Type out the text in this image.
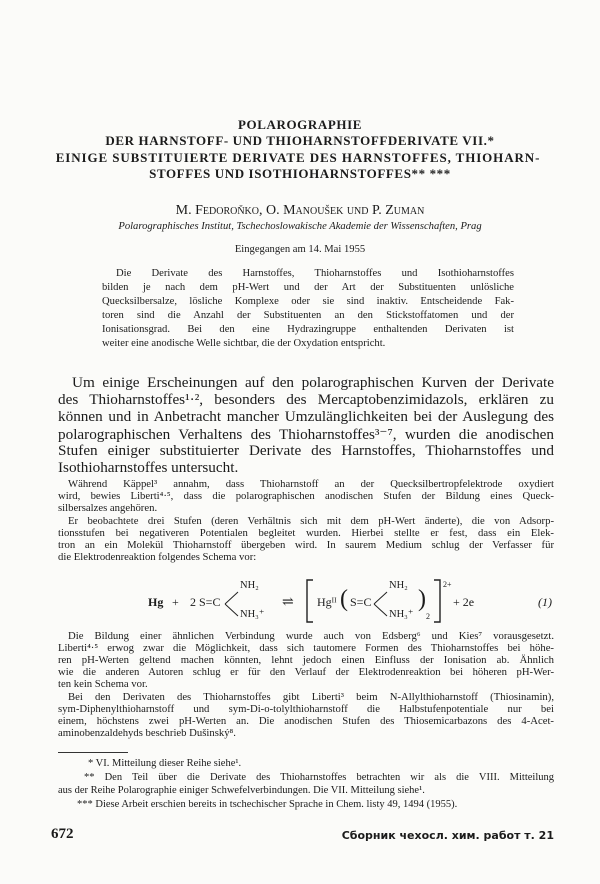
POLAROGRAPHIE
DER HARNSTOFF- UND THIOHARNSTOFFDERIVATE VII.*
EINIGE SUBSTITUIERTE DERIVATE DES HARNSTOFFES, THIOHARN-
STOFFES UND ISOTHIOHARNSTOFFES** ***
M. Fedoroňko, O. Manoušek und P. Zuman
Polarographisches Institut, Tschechoslowakische Akademie der Wissenschaften, Prag
Eingegangen am 14. Mai 1955
Die Derivate des Harnstoffes, Thioharnstoffes und Isothioharnstoffes
bilden je nach dem pH-Wert und der Art der Substituenten unlösliche
Quecksilbersalze, lösliche Komplexe oder sie sind inaktiv. Entscheidende Fak-
toren sind die Anzahl der Substituenten an den Stickstoffatomen und der
Ionisationsgrad. Bei den eine Hydrazingruppe enthaltenden Derivaten ist
weiter eine anodische Welle sichtbar, die der Oxydation entspricht.
Um einige Erscheinungen auf den polarographischen Kurven der Derivate
des Thioharnstoffes¹·², besonders des Mercaptobenzimidazols, erklären zu
können und in Anbetracht mancher Umzulänglichkeiten bei der Auslegung des
polarographischen Verhaltens des Thioharnstoffes³⁻⁷, wurden die anodischen
Stufen einiger substituierter Derivate des Harnstoffes, Thioharnstoffes und
Isothioharnstoffes untersucht.
Während Käppel³ annahm, dass Thioharnstoff an der Quecksilbertropfelektrode oxydiert
wird, bewies Liberti⁴·⁵, dass die polarographischen anodischen Stufen der Bildung eines Queck-
silbersalzes angehören.
Er beobachtete drei Stufen (deren Verhältnis sich mit dem pH-Wert änderte), die von Adsorp-
tionsstufen bei negativeren Potentialen begleitet wurden. Hierbei stellte er fest, dass ein Elek-
tron an ein Molekül Thioharnstoff übergeben wird. In saurem Medium schlug der Verfasser für
die Elektrodenreaktion folgendes Schema vor:
Hg + 2 S=C
NH₂
NH₃⁺
⇌ Hgᴵᴵ ( S=C
NH₂
NH₃⁺
)
2
2+
+ 2e	(1)
Die Bildung einer ähnlichen Verbindung wurde auch von Edsberg⁶ und Kies⁷ vorausgesetzt.
Liberti⁴·⁵ erwog zwar die Möglichkeit, dass sich tautomere Formen des Thioharnstoffes bei höhe-
ren pH-Werten geltend machen könnten, lehnt jedoch einen Einfluss der Ionisation ab. Ähnlich
wie die anderen Autoren schlug er für den Verlauf der Elektrodenreaktion bei höheren pH-Wer-
ten kein Schema vor.
Bei den Derivaten des Thioharnstoffes gibt Liberti³ beim N-Allylthioharnstoff (Thiosinamin),
sym-Diphenylthioharnstoff und sym-Di-o-tolylthioharnstoff die Halbstufenpotentiale nur bei
einem, höchstens zwei pH-Werten an. Die anodischen Stufen des Thiosemicarbazons des 4-Acet-
aminobenzaldehyds beschrieb Dušinský⁸.
* VI. Mitteilung dieser Reihe siehe¹.
** Den Teil über die Derivate des Thioharnstoffes betrachten wir als die VIII. Mitteilung
aus der Reihe Polarographie einiger Schwefelverbindungen. Die VII. Mitteilung siehe¹.
*** Diese Arbeit erschien bereits in tschechischer Sprache in Chem. listy 49, 1494 (1955).
672	Сборник чехосл. хим. работ т. 21
